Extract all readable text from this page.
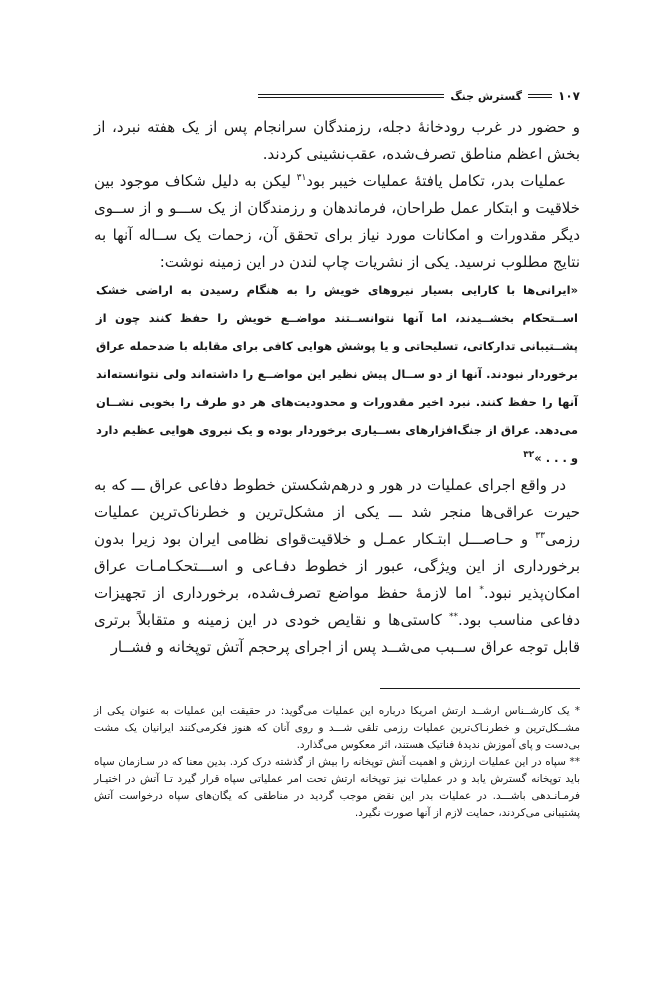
۱۰۷
گسترش جنگ

و حضور در غرب رودخانهٔ دجله، رزمندگان سرانجام پس از یک هفته نبرد، از بخش اعظم مناطق تصرف‌شده، عقب‌نشینی کردند.

عملیات بدر، تکامل یافتهٔ عملیات خیبر بود$^{۳۱}$ لیکن به دلیل شکاف موجود بین خلاقیت و ابتکار عمل طراحان، فرماندهان و رزمندگان از یک ســـو و از ســوی دیگر مقدورات و امکانات مورد نیاز برای تحقق آن، زحمات یک ســاله آنها به نتایج مطلوب نرسید. یکی از نشریات چاپ لندن در این زمینه نوشت:

«ایرانی‌ها با کارایی بسیار نیروهای خویش را به هنگام رسیدن به اراضی خشک اســتحکام بخشــیدند، اما آنها نتوانســتند مواضــع خویش را حفظ کنند چون از پشــتیبانی تدارکاتی، تسلیحاتی و یا پوشش هوایی کافی برای مقابله با ضدحمله عراق برخوردار نبودند. آنها از دو ســال پیش نظیر این مواضــع را داشته‌اند ولی نتوانسته‌اند آنها را حفظ کنند. نبرد اخیر مقدورات و محدودیت‌های هر دو طرف را بخوبی نشــان می‌دهد. عراق از جنگ‌افزارهای بســیاری برخوردار بوده و یک نیروی هوایی عظیم دارد و . . . »$^{۳۲}$

در واقع اجرای عملیات در هور و درهم‌شکستن خطوط دفاعی عراق ـــ که به حیرت عراقی‌ها منجر شد ـــ یکی از مشکل‌ترین و خطرناک‌ترین عملیات رزمی$^{۳۳}$ و حـاصـــل ابتـکار عمـل و خلاقیت‌قوای نظامی ایران بود زیرا بدون برخورداری از این ویژگی، عبور از خطوط دفـاعی و اســـتحکـامـات عراق امکان‌پذیر نبود.* اما لازمهٔ حفظ مواضع تصرف‌شده، برخورداری از تجهیزات دفاعی مناسب بود.** کاستی‌ها و نقایص خودی در این زمینه و متقابلاً برتری قابل توجه عراق ســبب می‌شــد پس از اجرای پرحجم آتش توپخانه و فشــار

* یک کارشــناس ارشــد ارتش امریکا درباره این عملیات می‌گوید: در حقیقت این عملیات به عنوان یکی از مشــکل‌ترین و خطرنـاک‌ترین عملیات رزمی تلقی شـــد و روی آنان که هنوز فکرمی‌کنند ایرانیان یک مشت بی‌دست و پای آموزش ندیدهٔ فناتیک هستند، اثر معکوس می‌گذارد.

** سپاه در این عملیات ارزش و اهمیت آتش توپخانه را بیش از گذشته درک کرد. بدین معنا که در سـازمان سپاه باید توپخانه گسترش یابد و در عملیات نیز توپخانه ارتش تحت امر عملیاتی سپاه قرار گیرد تـا آتش در اختیـار فرمـانـدهی باشـــد. در عملیات بدر این نقض موجب گردید در مناطقی که یگان‌های سپاه درخواست آتش پشتیبانی می‌کردند، حمایت لازم از آنها صورت نگیرد.
